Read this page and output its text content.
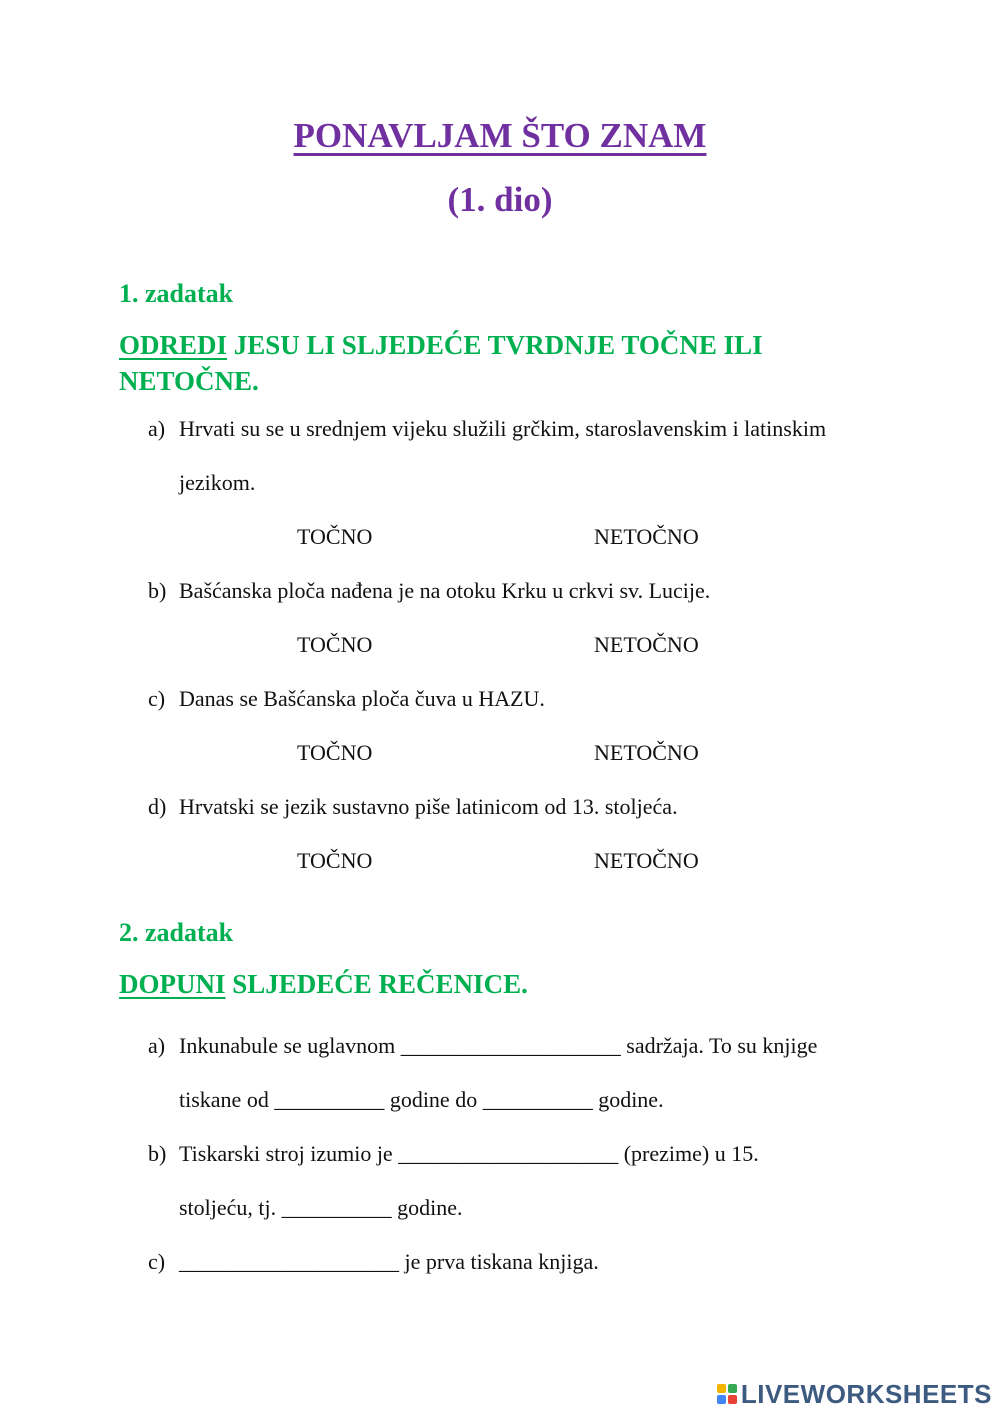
PONAVLJAM ŠTO ZNAM
(1. dio)
1. zadatak
ODREDI JESU LI SLJEDEĆE TVRDNJE TOČNE ILI
NETOČNE.
a) Hrvati su se u srednjem vijeku služili grčkim, staroslavenskim i latinskim
jezikom.
TOČNO	NETOČNO
b) Bašćanska ploča nađena je na otoku Krku u crkvi sv. Lucije.
TOČNO	NETOČNO
c) Danas se Bašćanska ploča čuva u HAZU.
TOČNO	NETOČNO
d) Hrvatski se jezik sustavno piše latinicom od 13. stoljeća.
TOČNO	NETOČNO
2. zadatak
DOPUNI SLJEDEĆE REČENICE.
a) Inkunabule se uglavnom ____________________ sadržaja. To su knjige
tiskane od __________ godine do __________ godine.
b) Tiskarski stroj izumio je ____________________ (prezime) u 15.
stoljeću, tj. __________ godine.
c) ____________________ je prva tiskana knjiga.
LIVEWORKSHEETS
